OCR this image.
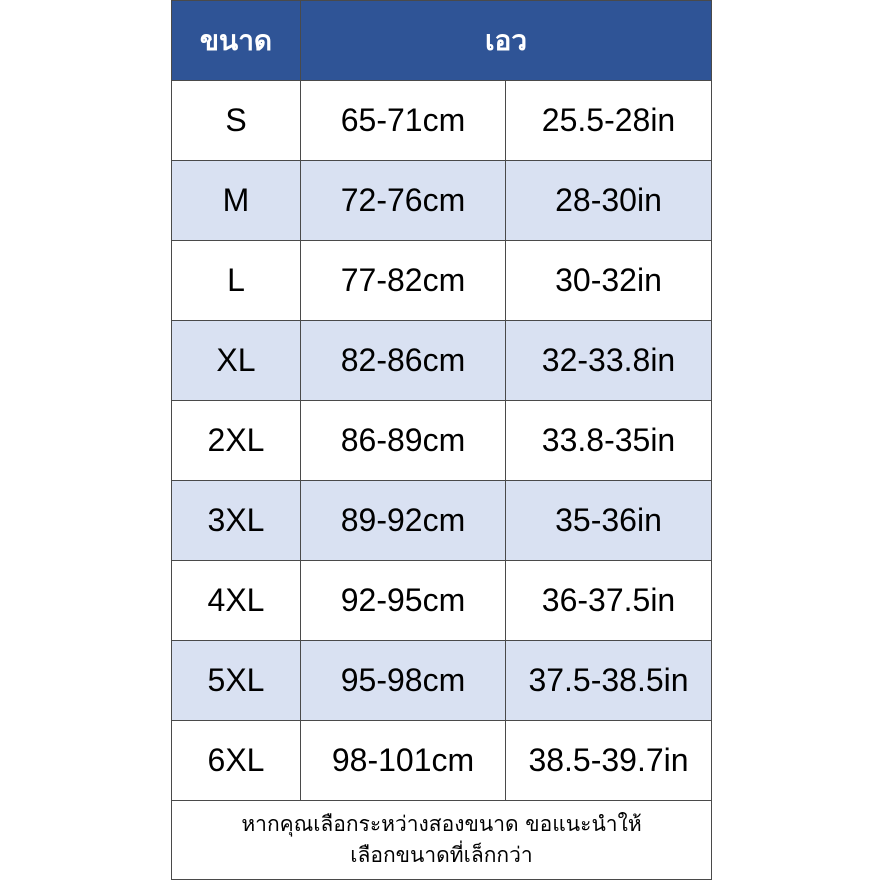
ขนาด	เอว	
S	65-71cm	25.5-28in
M	72-76cm	28-30in
L	77-82cm	30-32in
XL	82-86cm	32-33.8in
2XL	86-89cm	33.8-35in
3XL	89-92cm	35-36in
4XL	92-95cm	36-37.5in
5XL	95-98cm	37.5-38.5in
6XL	98-101cm	38.5-39.7in

หากคุณเลือกระหว่างสองขนาด ขอแนะนำให้
เลือกขนาดที่เล็กกว่า		
